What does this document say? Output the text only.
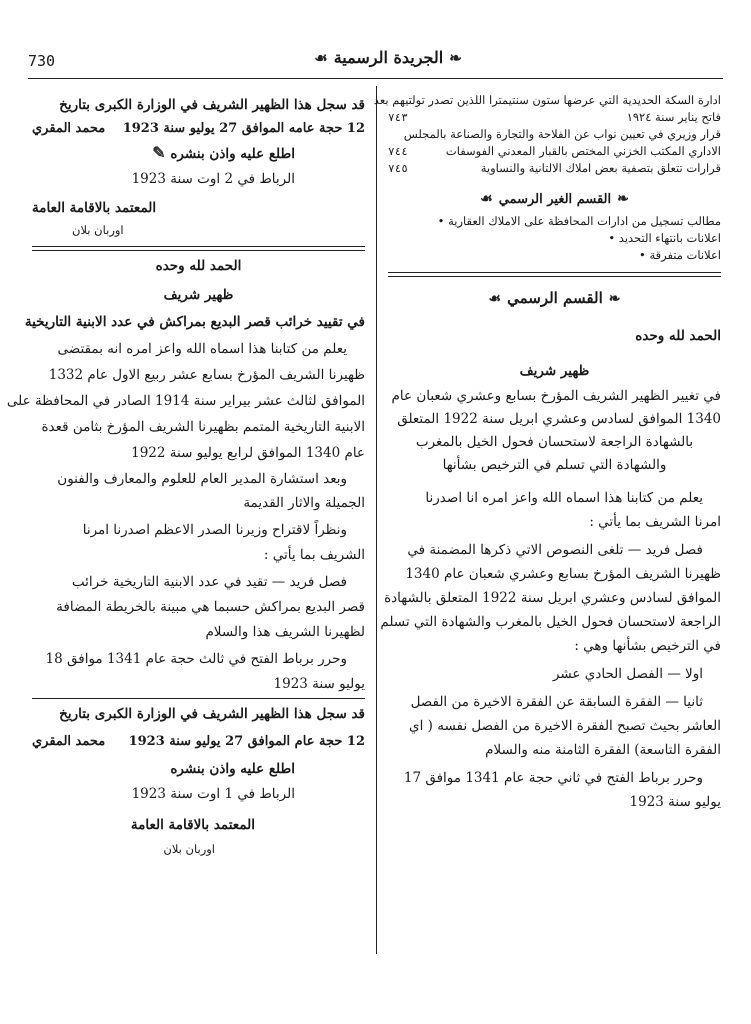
730	❧الجريدة الرسمية☙
ادارة السكة الحديدية التي عرضها ستون سنتيمترا اللذين تصدر تولتيهم بعد
فاتح يناير سنة ١٩٢٤
٧٤٣
قرار وزيري في تعيين نواب عن الفلاحة والتجارة والصناعة بالمجلس
الاداري المكتب الخزني المختص بالقبار المعدني الفوسفات
٧٤٤
قرارات تتعلق بتصفية بعض املاك الالتانية والنساوية
٧٤٥
❧القسم الغير الرسمي☙
مطالب تسجيل من ادارات المحافظة على الاملاك العقارية •
اعلانات بانتهاء التحديد •
اعلانات متفرقة •
❧القسم الرسمي☙
الحمد لله وحده
ظهير شريف
في تغيير الظهير الشريف المؤرخ بسابع وعشري شعبان عام
1340 الموافق لسادس وعشري ابريل سنة 1922 المتعلق
بالشهادة الراجعة لاستحسان فحول الخيل بالمغرب
والشهادة التي تسلم في الترخيص بشأنها
يعلم من كتابنا هذا اسماه الله واعز امره انا اصدرنا
امرنا الشريف بما يأتي :
فصل فريد — تلغى النصوص الاتي ذكرها المضمنة في
ظهيرنا الشريف المؤرخ بسابع وعشري شعبان عام 1340
الموافق لسادس وعشري ابريل سنة 1922 المتعلق بالشهادة
الراجعة لاستحسان فحول الخيل بالمغرب والشهادة التي تسلم
في الترخيص بشأنها وهي :
اولا — الفصل الحادي عشر
ثانيا — الفقرة السابقة عن الفقرة الاخيرة من الفصل
العاشر بحيث تصبح الفقرة الاخيرة من الفصل نفسه ( اي
الفقرة التاسعة) الفقرة الثامنة منه والسلام
وحرر برباط الفتح في ثاني حجة عام 1341 موافق 17
يوليو سنة 1923
قد سجل هذا الظهير الشريف في الوزارة الكبرى بتاريخ
12 حجة عامه الموافق 27 يوليو سنة 1923
محمد المقري
اطلع عليه واذن بنشره ✎
الرباط في 2 اوت سنة 1923
المعتمد بالاقامة العامة
اوربان بلان
الحمد لله وحده
ظهير شريف
في تقييد خرائب قصر البديع بمراكش في عدد الابنية التاريخية
يعلم من كتابنا هذا اسماه الله واعز امره انه بمقتضى
ظهيرنا الشريف المؤرخ بسابع عشر ربيع الاول عام 1332
الموافق لثالث عشر بيراير سنة 1914 الصادر في المحافظة على
الابنية التاريخية المتمم بظهيرنا الشريف المؤرخ بثامن قعدة
عام 1340 الموافق لرابع يوليو سنة 1922
وبعد استشارة المدير العام للعلوم والمعارف والفنون
الجميلة والاثار القديمة
ونظراً لاقتراح وزيرنا الصدر الاعظم اصدرنا امرنا
الشريف بما يأتي :
فصل فريد — تقيد في عدد الابنية التاريخية خرائب
قصر البديع بمراكش حسبما هي مبينة بالخريطة المضافة
لظهيرنا الشريف هذا والسلام
وحرر برباط الفتح في ثالث حجة عام 1341 موافق 18
يوليو سنة 1923
قد سجل هذا الظهير الشريف في الوزارة الكبرى بتاريخ
12 حجة عام الموافق 27 يوليو سنة 1923
محمد المقري
اطلع عليه واذن بنشره
الرباط في 1 اوت سنة 1923
المعتمد بالاقامة العامة
اوربان بلان
